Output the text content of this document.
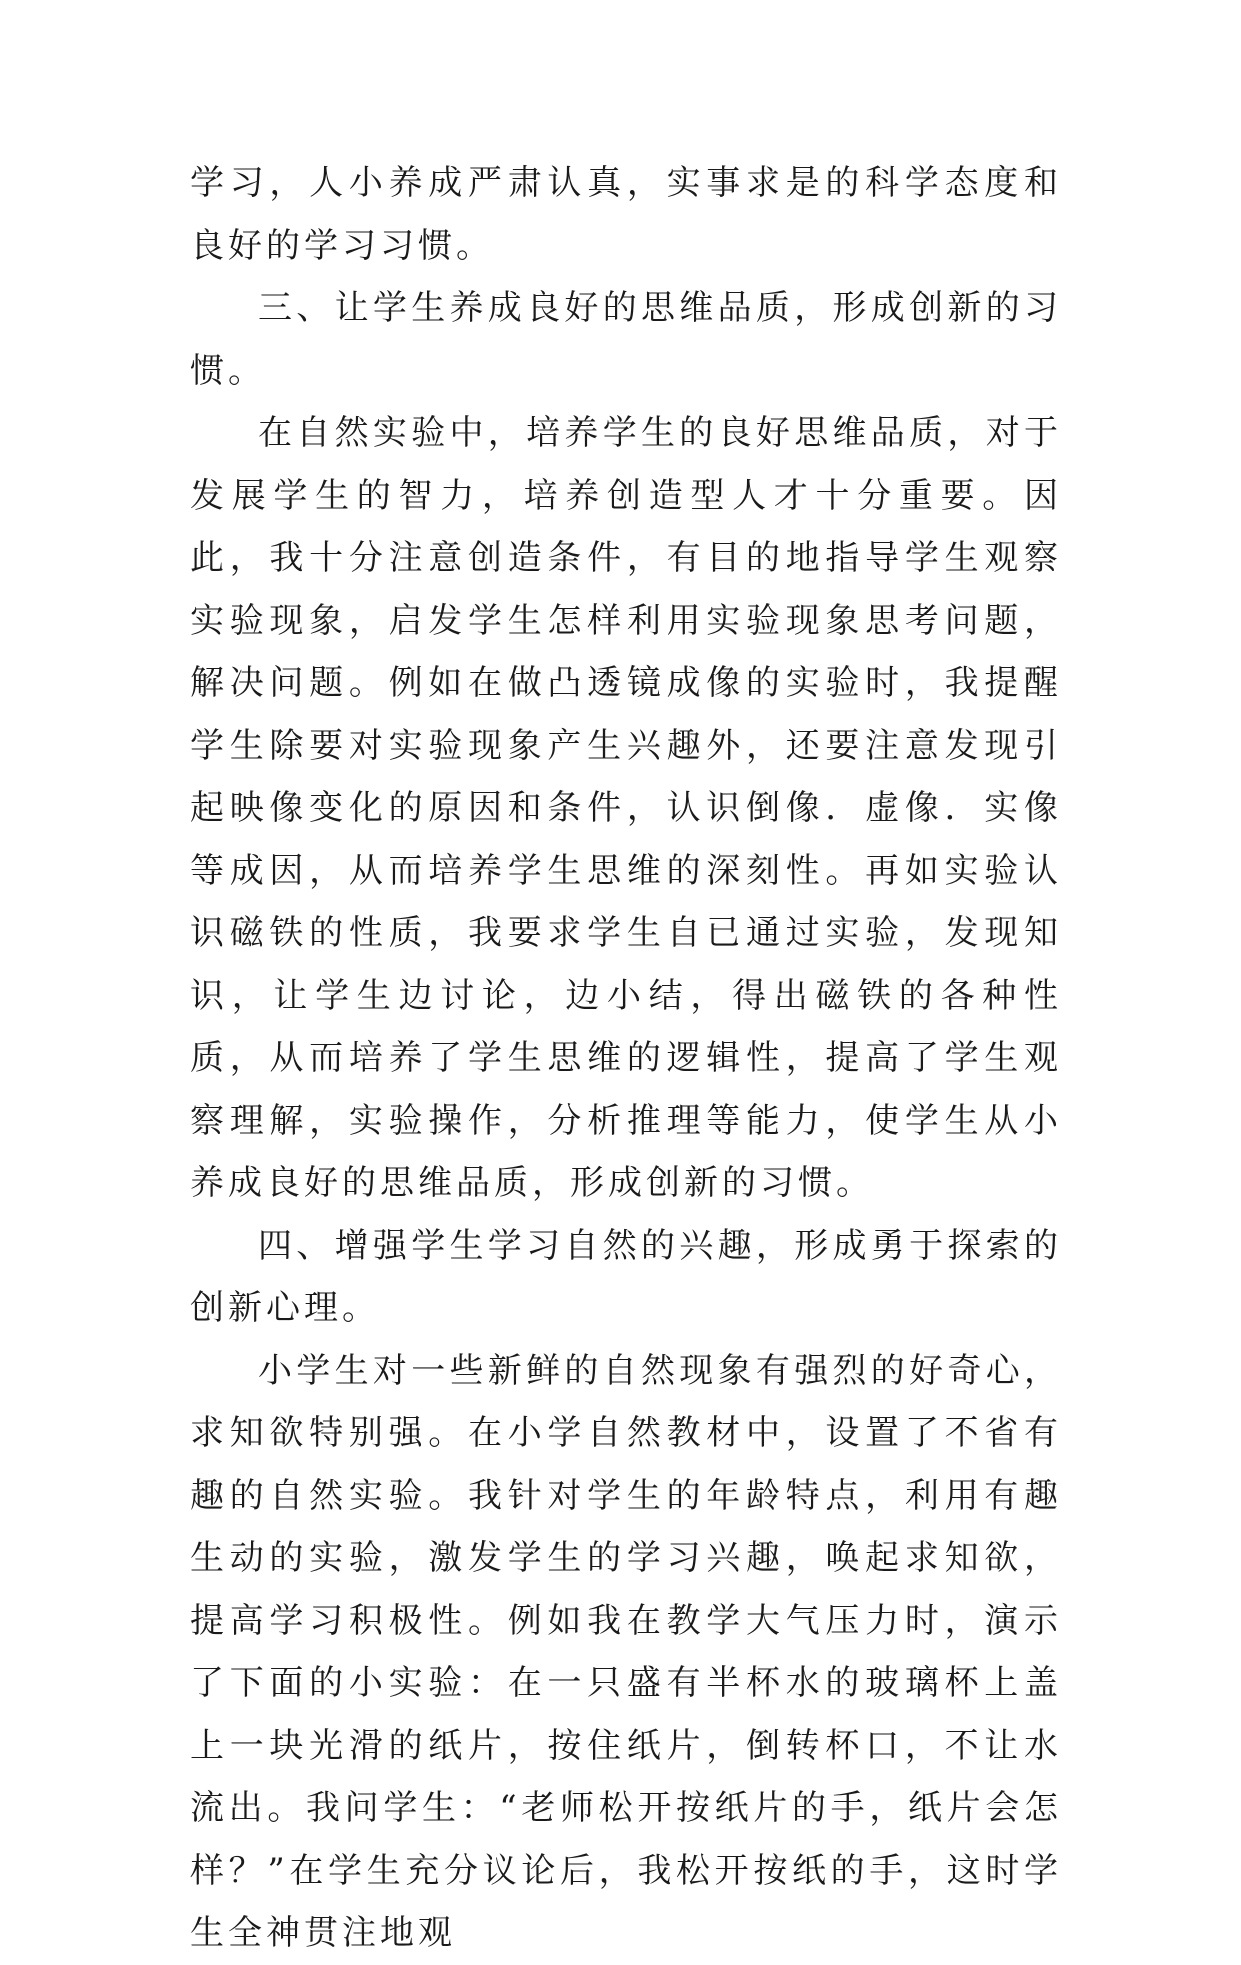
学习，人小养成严肃认真，实事求是的科学态度和良好的学习习惯。

三、让学生养成良好的思维品质，形成创新的习惯。

在自然实验中，培养学生的良好思维品质，对于发展学生的智力，培养创造型人才十分重要。因此，我十分注意创造条件，有目的地指导学生观察实验现象，启发学生怎样利用实验现象思考问题，解决问题。例如在做凸透镜成像的实验时，我提醒学生除要对实验现象产生兴趣外，还要注意发现引起映像变化的原因和条件，认识倒像．虚像．实像等成因，从而培养学生思维的深刻性。再如实验认识磁铁的性质，我要求学生自已通过实验，发现知识，让学生边讨论，边小结，得出磁铁的各种性质，从而培养了学生思维的逻辑性，提高了学生观察理解，实验操作，分析推理等能力，使学生从小养成良好的思维品质，形成创新的习惯。

四、增强学生学习自然的兴趣，形成勇于探索的创新心理。

小学生对一些新鲜的自然现象有强烈的好奇心，求知欲特别强。在小学自然教材中，设置了不省有趣的自然实验。我针对学生的年龄特点，利用有趣生动的实验，激发学生的学习兴趣，唤起求知欲，提高学习积极性。例如我在教学大气压力时，演示了下面的小实验：在一只盛有半杯水的玻璃杯上盖上一块光滑的纸片，按住纸片，倒转杯口，不让水流出。我问学生：“老师松开按纸片的手，纸片会怎样？”在学生充分议论后，我松开按纸的手，这时学生全神贯注地观
